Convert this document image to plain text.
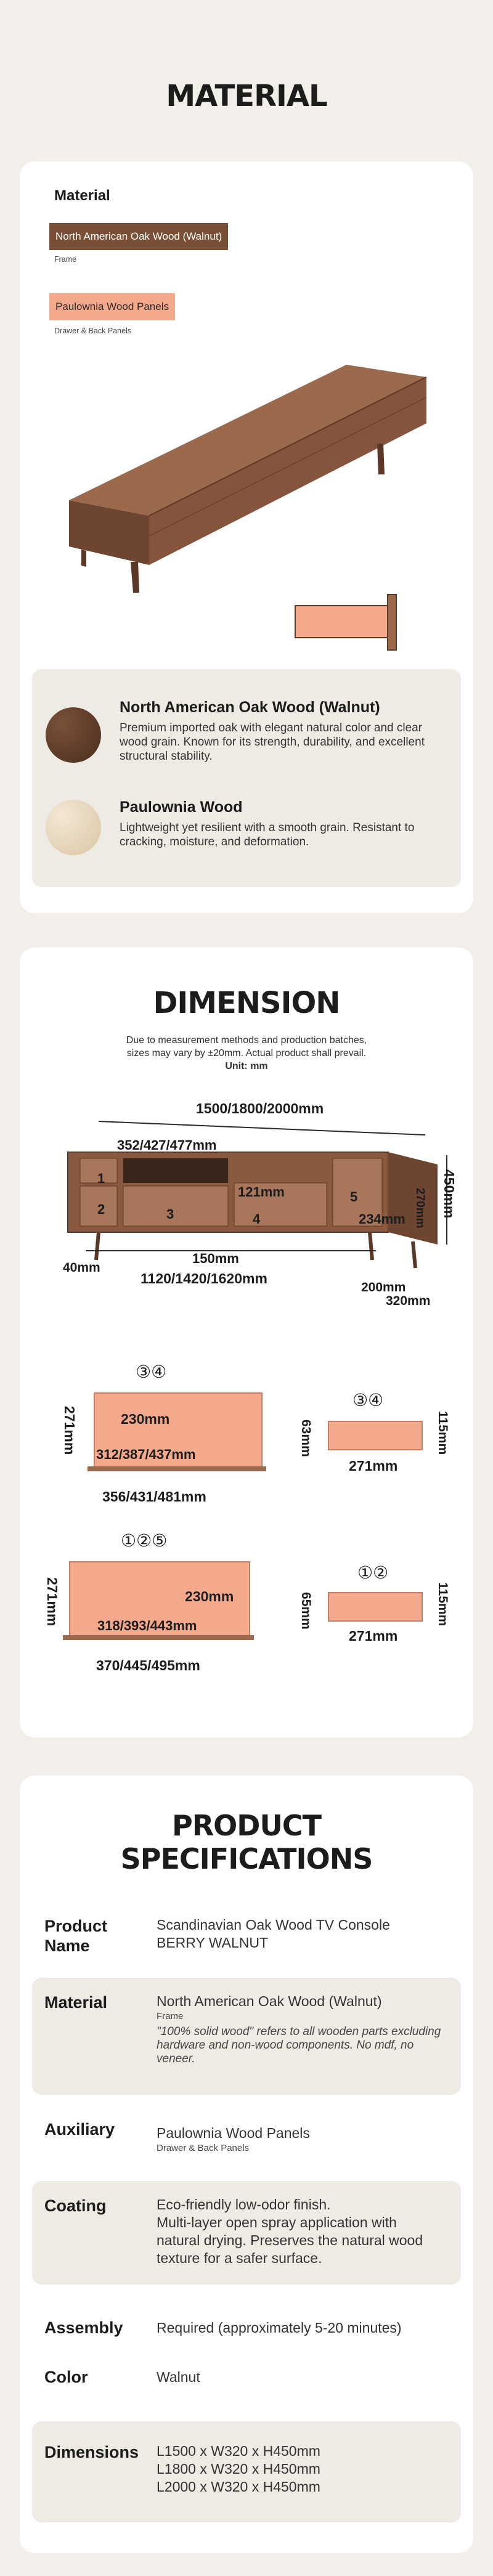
MATERIAL
Material
North American Oak Wood (Walnut)
Frame
Paulownia Wood Panels
Drawer & Back Panels
North American Oak Wood (Walnut)
Premium imported oak with elegant natural color and clear wood grain. Known for its strength, durability, and excellent structural stability.
Paulownia Wood
Lightweight yet resilient with a smooth grain. Resistant to cracking, moisture, and deformation.
DIMENSION
Due to measurement methods and production batches,
sizes may vary by ±20mm. Actual product shall prevail.
Unit: mm
1500/1800/2000mm
352/427/477mm
121mm
234mm
150mm
1120/1420/1620mm
40mm
450mm
270mm
200mm
320mm
1
2	3	4
5
③④
230mm
312/387/437mm
356/431/481mm
271mm
③④
271mm
63mm	115mm
①②⑤
230mm
318/393/443mm
370/445/495mm
271mm
①②
271mm
65mm	115mm
PRODUCT
SPECIFICATIONS
Product Name
Scandinavian Oak Wood TV Console
BERRY WALNUT
Material	North American Oak Wood (Walnut)
Frame
"100% solid wood" refers to all wooden parts excluding hardware and non-wood components. No mdf, no veneer.
Auxiliary	Paulownia Wood Panels
Drawer & Back Panels
Coating	Eco-friendly low-odor finish.
Multi-layer open spray application with natural drying. Preserves the natural wood texture for a safer surface.
Assembly Required (approximately 5-20 minutes)
Color	Walnut
Dimensions L1500 x W320 x H450mm
L1800 x W320 x H450mm
L2000 x W320 x H450mm
